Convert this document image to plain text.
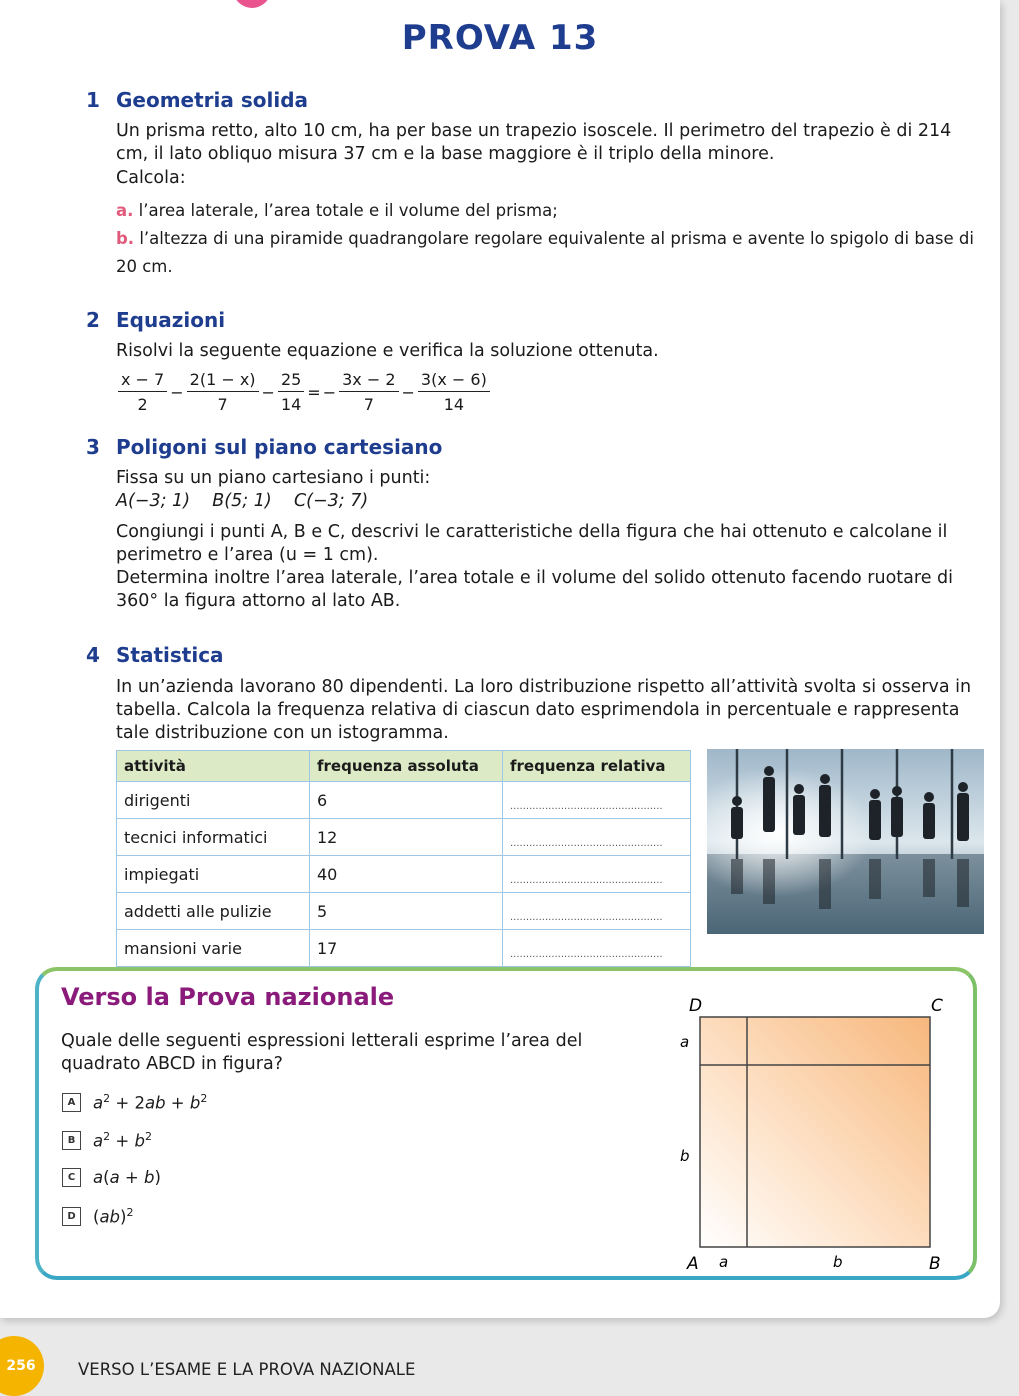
PROVA 13
1 Geometria solida
Un prisma retto, alto 10 cm, ha per base un trapezio isoscele. Il perimetro del trapezio è di 214 cm, il lato obliquo misura 37 cm e la base maggiore è il triplo della minore.
Calcola:
a. l’area laterale, l’area totale e il volume del prisma;
b. l’altezza di una piramide quadrangolare regolare equivalente al prisma e avente lo spigolo di base di 20 cm.
2 Equazioni
Risolvi la seguente equazione e verifica la soluzione ottenuta.
$\frac{x - 7}{2} - \frac{2(1 - x)}{7} - \frac{25}{14}$ = − $\frac{3x - 2}{7} - \frac{3(x - 6)}{14}$
3 Poligoni sul piano cartesiano
Fissa su un piano cartesiano i punti:
A(−3; 1) B(5; 1) C(−3; 7)
Congiungi i punti A, B e C, descrivi le caratteristiche della figura che hai ottenuto e calcolane il perimetro e l’area (u = 1 cm).
Determina inoltre l’area laterale, l’area totale e il volume del solido ottenuto facendo ruotare di 360° la figura attorno al lato AB.
4 Statistica
In un’azienda lavorano 80 dipendenti. La loro distribuzione rispetto all’attività svolta si osserva in tabella. Calcola la frequenza relativa di ciascun dato esprimendola in percentuale e rappresenta tale distribuzione con un istogramma.
attività	frequenza assoluta	frequenza relativa
dirigenti	6	................................................
tecnici informatici	12	................................................
impiegati	40	................................................
addetti alle pulizie	5	................................................
mansioni varie	17	................................................
Verso la Prova nazionale
Quale delle seguenti espressioni letterali esprime l’area del quadrato ABCD in figura?
A	$a^2 + 2ab + b^2$
B	$a^2 + b^2$
C	a(a + b)
D	(ab)$^2$
D	C
A	B
a
b
a	b
256	VERSO L’ESAME E LA PROVA NAZIONALE
